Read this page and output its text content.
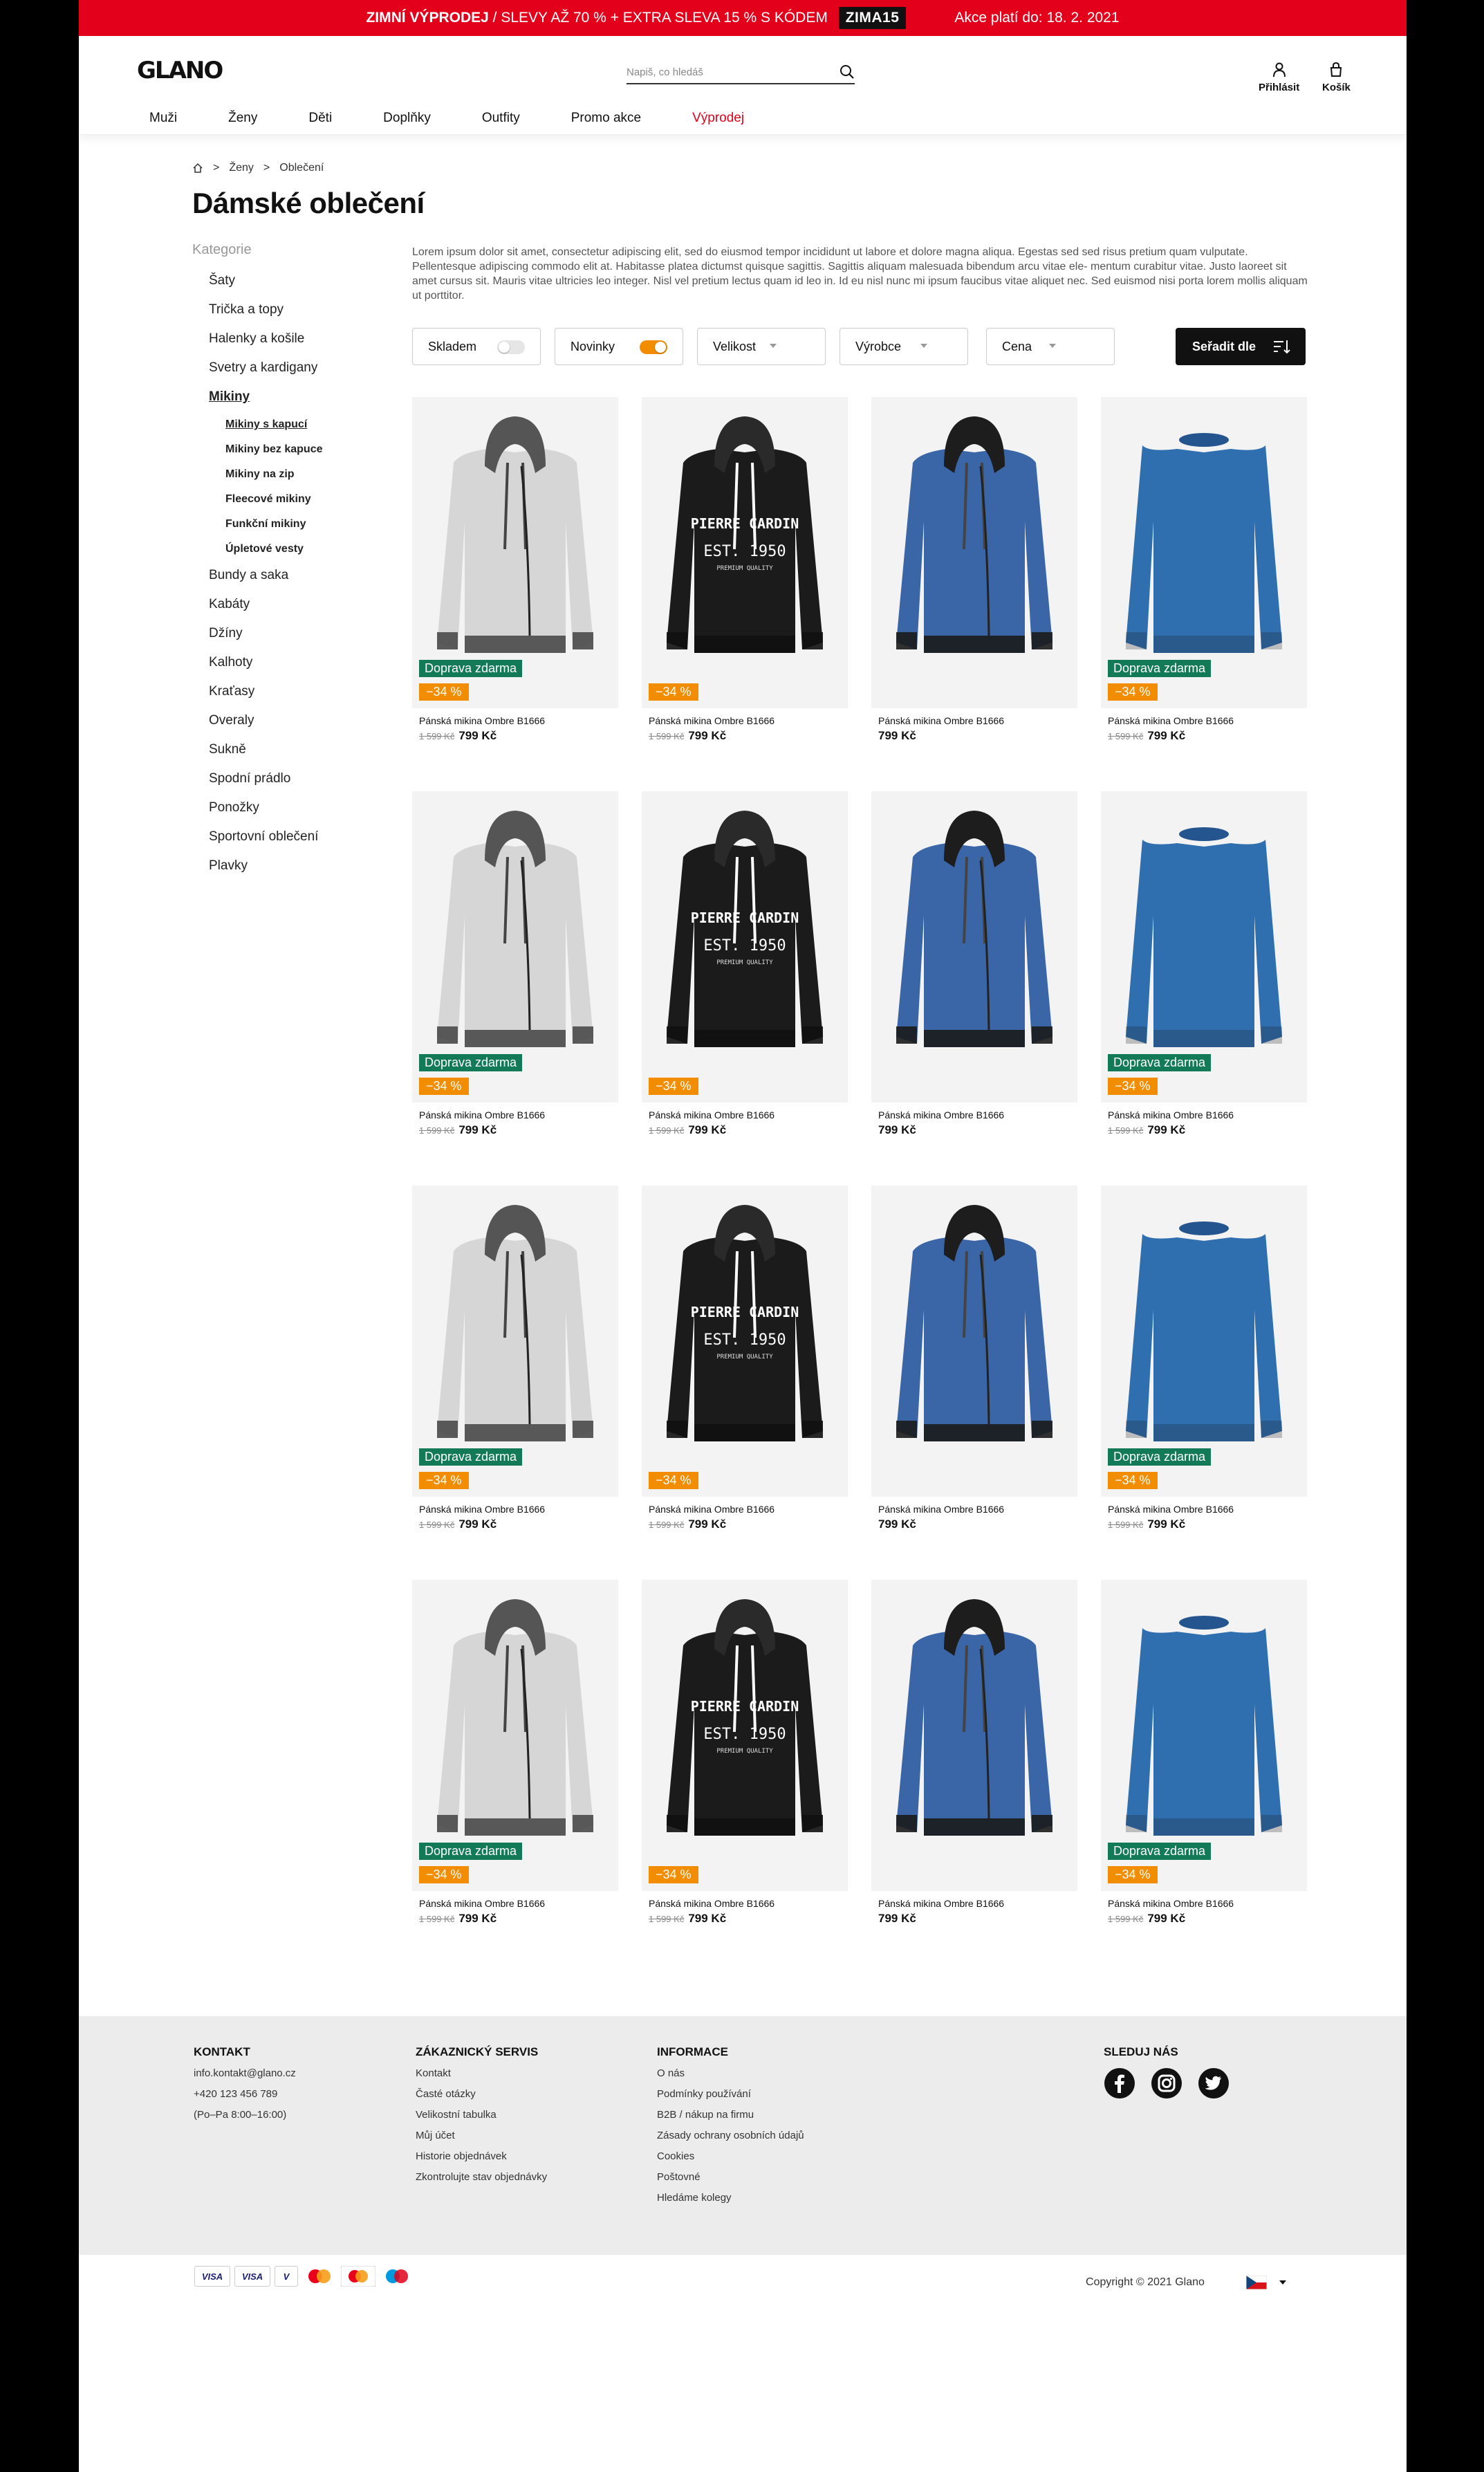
ZIMNÍ VÝPRODEJ / SLEVY AŽ 70 % + EXTRA SLEVA 15 % S KÓDEM ZIMA15	Akce platí do: 18. 2. 2021
GLANO	Napiš, co hledáš
Přihlásit Košík
Muži	Ženy	Děti	Doplňky	Outfity	Promo akce	Výprodej
> Ženy > Oblečení
Dámské oblečení
Kategorie
Šaty
Trička a topy
Halenky a košile
Svetry a kardigany
Mikiny
Mikiny s kapucí
Mikiny bez kapuce
Mikiny na zip
Fleecové mikiny
Funkční mikiny
Úpletové vesty
Bundy a saka
Kabáty
Džíny
Kalhoty
Kraťasy
Overaly
Sukně
Spodní prádlo
Ponožky
Sportovní oblečení
Plavky
Lorem ipsum dolor sit amet, consectetur adipiscing elit, sed do eiusmod tempor incididunt ut labore et dolore magna aliqua. Egestas sed sed risus pretium quam vulputate. Pellentesque adipiscing commodo elit at. Habitasse platea dictumst quisque sagittis. Sagittis aliquam malesuada bibendum arcu vitae ele- mentum curabitur vitae. Justo laoreet sit amet cursus sit. Mauris vitae ultricies leo integer. Nisl vel pretium lectus quam id leo in. Id eu nisl nunc mi ipsum faucibus vitae aliquet nec. Sed euismod nisi porta lorem mollis aliquam ut porttitor.
Skladem	Novinky	Velikost	Výrobce	Cena	Seřadit dle
Doprava zdarma
−34 %
Pánská mikina Ombre B1666
1 599 Kč 799 Kč
PIERRE CARDIN
EST. 1950
PREMIUM QUALITY
−34 %
Pánská mikina Ombre B1666
1 599 Kč 799 Kč
Pánská mikina Ombre B1666
799 Kč
Doprava zdarma
−34 %
Pánská mikina Ombre B1666
1 599 Kč 799 Kč
Doprava zdarma
−34 %
Pánská mikina Ombre B1666
1 599 Kč 799 Kč
PIERRE CARDIN
EST. 1950
PREMIUM QUALITY
−34 %
Pánská mikina Ombre B1666
1 599 Kč 799 Kč
Pánská mikina Ombre B1666
799 Kč
Doprava zdarma
−34 %
Pánská mikina Ombre B1666
1 599 Kč 799 Kč
Doprava zdarma
−34 %
Pánská mikina Ombre B1666
1 599 Kč 799 Kč
PIERRE CARDIN
EST. 1950
PREMIUM QUALITY
−34 %
Pánská mikina Ombre B1666
1 599 Kč 799 Kč
Pánská mikina Ombre B1666
799 Kč
Doprava zdarma
−34 %
Pánská mikina Ombre B1666
1 599 Kč 799 Kč
Doprava zdarma
−34 %
Pánská mikina Ombre B1666
1 599 Kč 799 Kč
PIERRE CARDIN
EST. 1950
PREMIUM QUALITY
−34 %
Pánská mikina Ombre B1666
1 599 Kč 799 Kč
Pánská mikina Ombre B1666
799 Kč
Doprava zdarma
−34 %
Pánská mikina Ombre B1666
1 599 Kč 799 Kč
KONTAKT
info.kontakt@glano.cz
+420 123 456 789
(Po–Pa 8:00–16:00)
ZÁKAZNICKÝ SERVIS
Kontakt
Časté otázky
Velikostní tabulka
Můj účet
Historie objednávek
Zkontrolujte stav objednávky
INFORMACE
O nás
Podmínky používání
B2B / nákup na firmu
Zásady ochrany osobních údajů
Cookies
Poštovné
Hledáme kolegy
SLEDUJ NÁS
VISA	VISA	V	Copyright © 2021 Glano
